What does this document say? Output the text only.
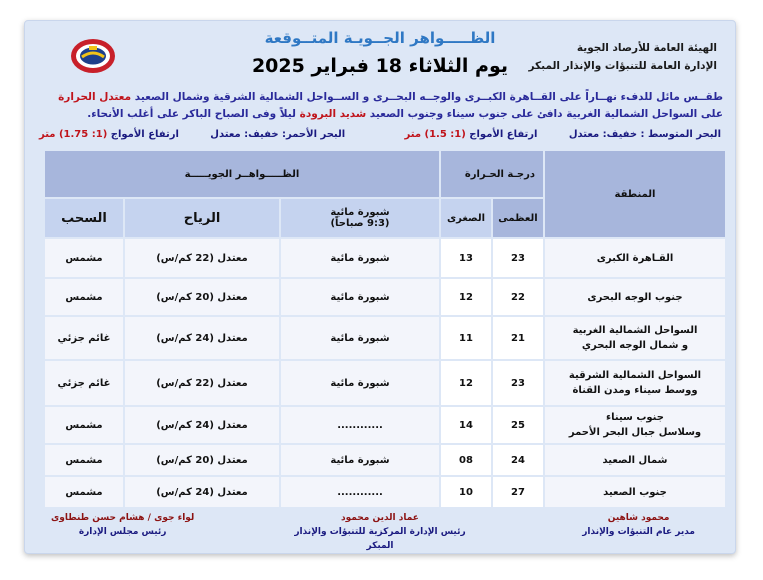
الظـــــواهر الجــويـة المتــوقعة
يوم الثلاثاء 18 فبراير 2025
الهيئة العامة للأرصاد الجوية
الإدارة العامة للتنبؤات والإنذار المبكر
طقــس مائل للدفء نهــاراً على القــاهرة الكبــرى والوجــه البحــرى و الســواحل الشمالية الشرقية وشمال الصعيد معتدل الحرارة على السواحل الشمالية الغربية دافئ على جنوب سيناء وجنوب الصعيد شديد البرودة ليلاً وفى الصباح الباكر على أغلب الأنحاء.
البحر المتوسط : خفيف: معتدل         ارتفاع الأمواج (1: 1.5) متر
البحر الأحمر: خفيف: معتدل         ارتفاع الأمواج (1: 1.75) متر
المنطقة	درجـة الحـرارة		الظـــــواهــر الجويـــــة		
	العظمى	الصغرى	شبورة مائية
(9:3 صباحاً)	الرياح	السحب

القـاهرة الكبرى	23	13	شبورة مائية	معتدل (22 كم/س)	مشمس

جنوب الوجه البحرى	22	12	شبورة مائية	معتدل (20 كم/س)	مشمس

السواحل الشمالية الغربية
و شمال الوجه البحري	21	11	شبورة مائية	معتدل (24 كم/س)	غائم جزئي

السواحل الشمالية الشرقية
ووسط سيناء ومدن القناة	23	12	شبورة مائية	معتدل (22 كم/س)	غائم جزئي

جنوب سيناء
وسلاسل جبال البحر الأحمر	25	14	............	معتدل (24 كم/س)	مشمس

شمال الصعيد	24	08	شبورة مائية	معتدل (20 كم/س)	مشمس

جنوب الصعيد	27	10	............	معتدل (24 كم/س)	مشمس
محمود شاهين
مدير عام التنبؤات والإنذار
عماد الدين محمود
رئيس الإدارة المركزية للتنبؤات والإنذار المبكر
لواء جوى / هشام حسن طنطاوى
رئيس مجلس الإدارة
